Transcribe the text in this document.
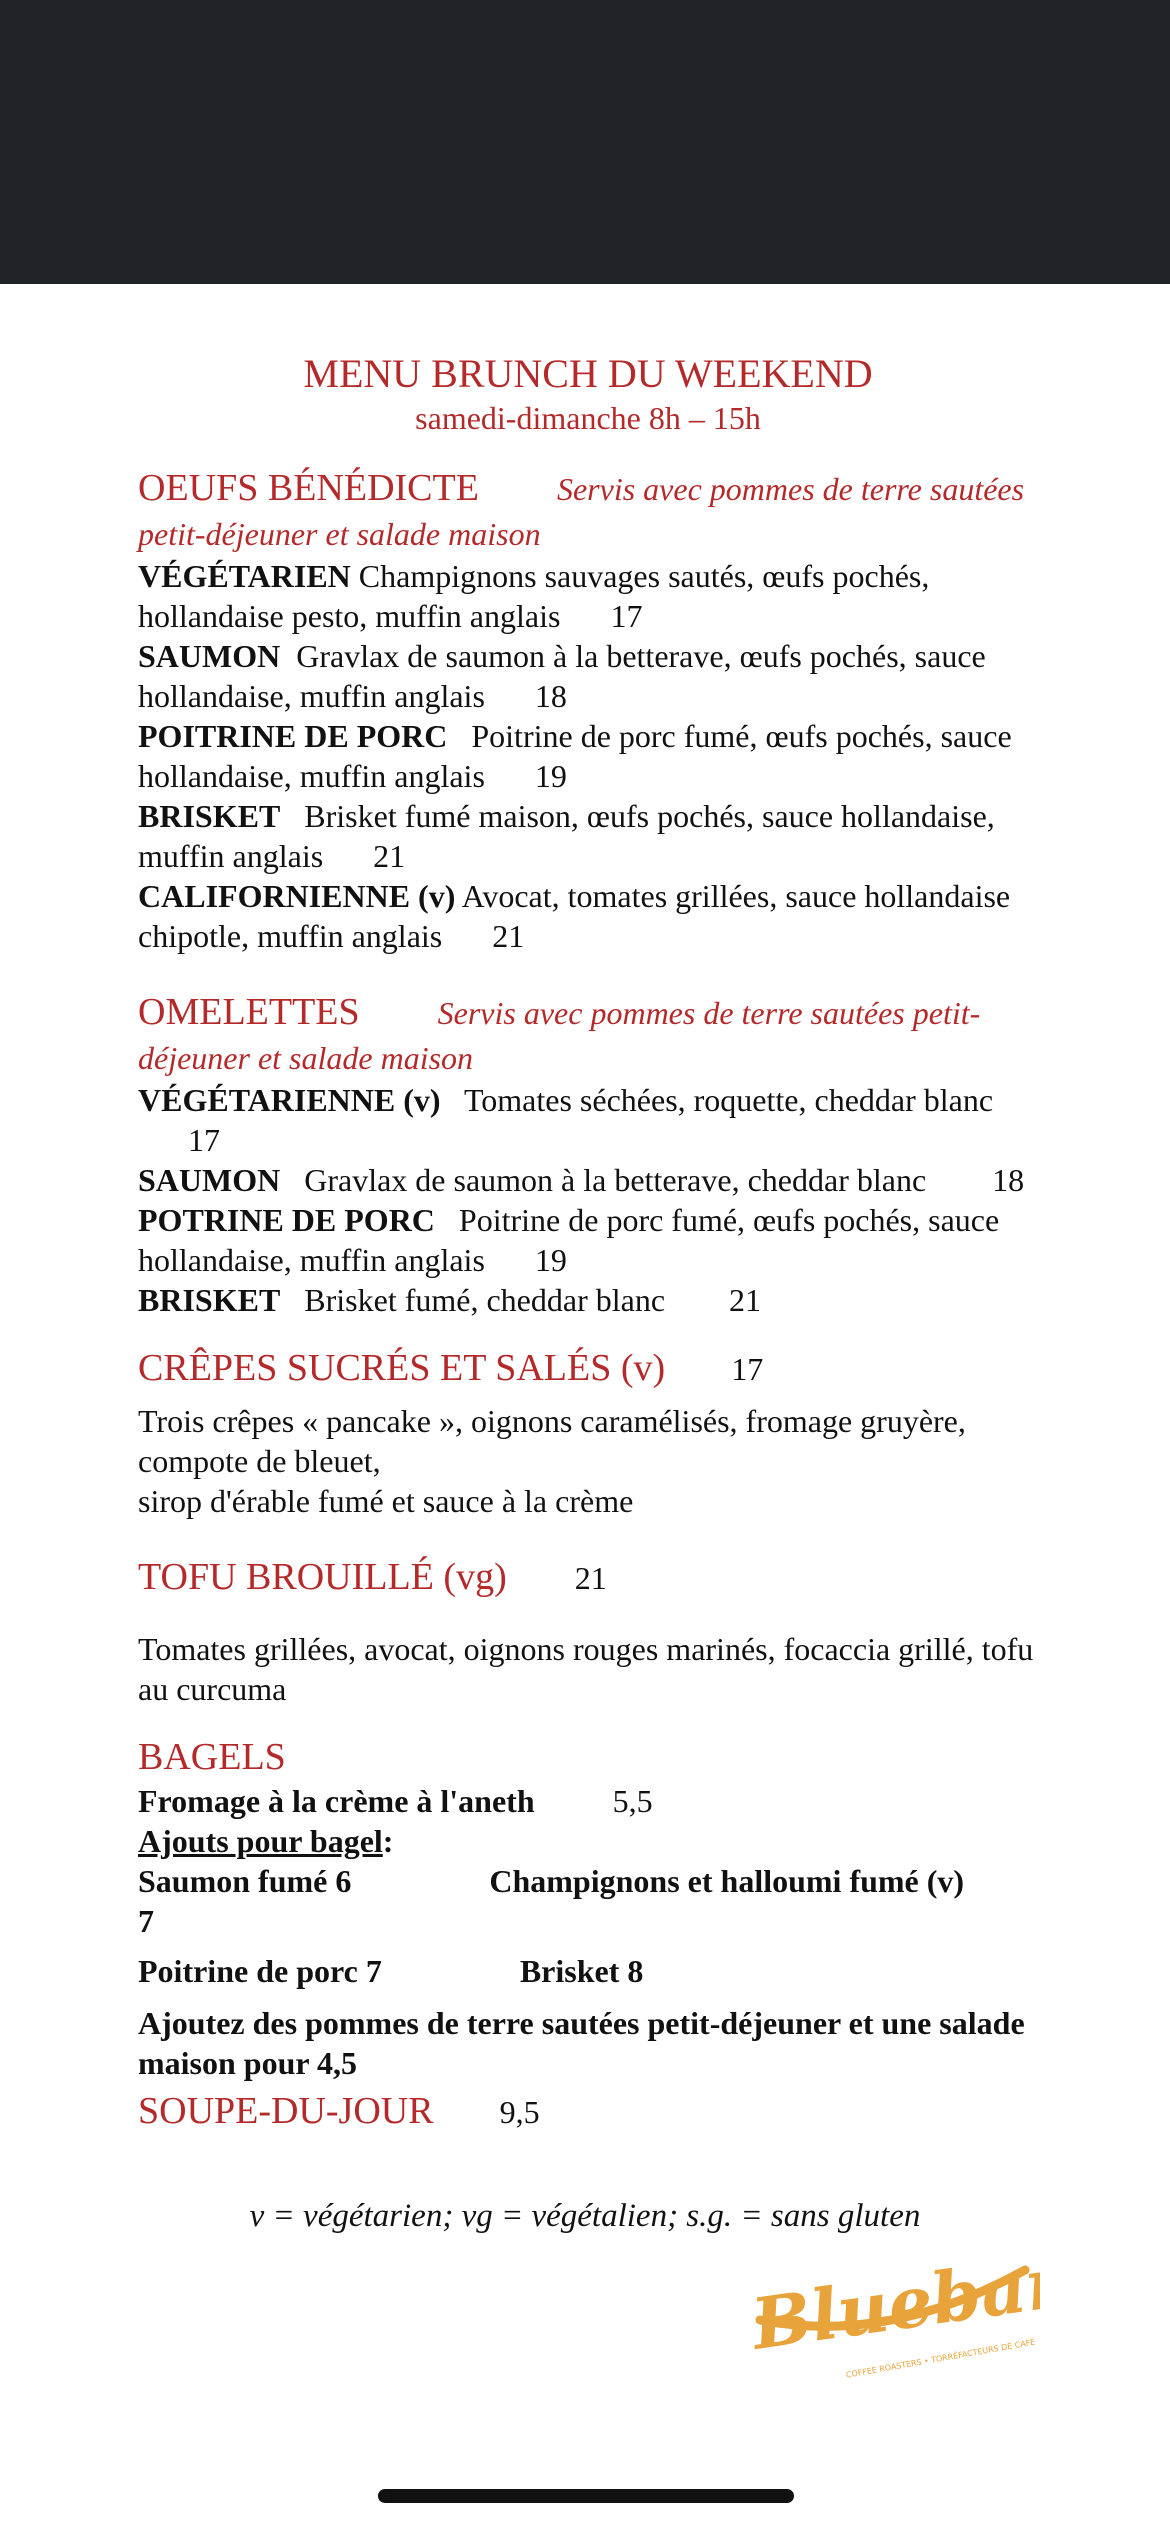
MENU BRUNCH DU WEEKEND
samedi-dimanche 8h – 15h
OEUFS BÉNÉDICTE Servis avec pommes de terre sautées petit-déjeuner et salade maison
VÉGÉTARIEN Champignons sauvages sautés, œufs pochés, hollandaise pesto, muffin anglais 17
SAUMON Gravlax de saumon à la betterave, œufs pochés, sauce hollandaise, muffin anglais 18
POITRINE DE PORC Poitrine de porc fumé, œufs pochés, sauce hollandaise, muffin anglais 19
BRISKET Brisket fumé maison, œufs pochés, sauce hollandaise, muffin anglais 21
CALIFORNIENNE (v) Avocat, tomates grillées, sauce hollandaise chipotle, muffin anglais 21
OMELETTES Servis avec pommes de terre sautées petit-déjeuner et salade maison
VÉGÉTARIENNE (v) Tomates séchées, roquette, cheddar blanc17
SAUMON Gravlax de saumon à la betterave, cheddar blanc 18
POTRINE DE PORC Poitrine de porc fumé, œufs pochés, sauce hollandaise, muffin anglais 19
BRISKET Brisket fumé, cheddar blanc 21
CRÊPES SUCRÉS ET SALÉS (v) 17
Trois crêpes « pancake », oignons caramélisés, fromage gruyère, compote de bleuet,
sirop d'érable fumé et sauce à la crème
TOFU BROUILLÉ (vg) 21
Tomates grillées, avocat, oignons rouges marinés, focaccia grillé, tofu au curcuma
BAGELS
Fromage à la crème à l'aneth 5,5
Ajouts pour bagel:
Saumon fumé 6	Champignons et halloumi fumé (v)
7
Poitrine de porc 7	Brisket 8
Ajoutez des pommes de terre sautées petit-déjeuner et une salade maison pour 4,5
SOUPE-DU-JOUR 9,5
v = végétarien; vg = végétalien; s.g. = sans gluten
Bluebarn
COFFEE ROASTERS • TORRÉFACTEURS DE CAFÉ
